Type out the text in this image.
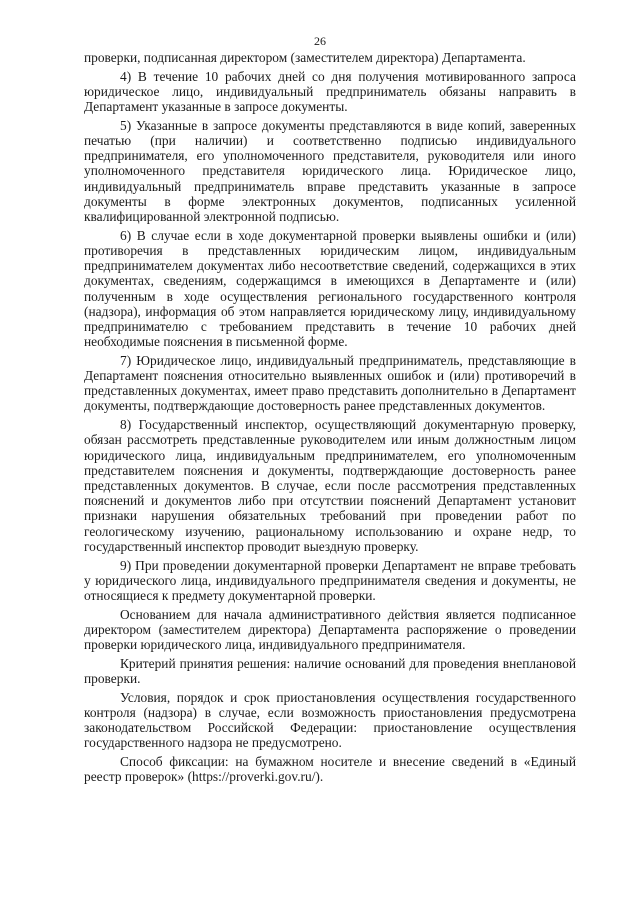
26

проверки, подписанная директором (заместителем директора) Департамента.

4) В течение 10 рабочих дней со дня получения мотивированного запроса юридическое лицо, индивидуальный предприниматель обязаны направить в Департамент указанные в запросе документы.

5) Указанные в запросе документы представляются в виде копий, заверенных печатью (при наличии) и соответственно подписью индивидуального предпринимателя, его уполномоченного представителя, руководителя или иного уполномоченного представителя юридического лица. Юридическое лицо, индивидуальный предприниматель вправе представить указанные в запросе документы в форме электронных документов, подписанных усиленной квалифицированной электронной подписью.

6) В случае если в ходе документарной проверки выявлены ошибки и (или) противоречия в представленных юридическим лицом, индивидуальным предпринимателем документах либо несоответствие сведений, содержащихся в этих документах, сведениям, содержащимся в имеющихся в Департаменте и (или) полученным в ходе осуществления регионального государственного контроля (надзора), информация об этом направляется юридическому лицу, индивидуальному предпринимателю с требованием представить в течение 10 рабочих дней необходимые пояснения в письменной форме.

7) Юридическое лицо, индивидуальный предприниматель, представляющие в Департамент пояснения относительно выявленных ошибок и (или) противоречий в представленных документах, имеет право представить дополнительно в Департамент документы, подтверждающие достоверность ранее представленных документов.

8) Государственный инспектор, осуществляющий документарную проверку, обязан рассмотреть представленные руководителем или иным должностным лицом юридического лица, индивидуальным предпринимателем, его уполномоченным представителем пояснения и документы, подтверждающие достоверность ранее представленных документов. В случае, если после рассмотрения представленных пояснений и документов либо при отсутствии пояснений Департамент установит признаки нарушения обязательных требований при проведении работ по геологическому изучению, рациональному использованию и охране недр, то государственный инспектор проводит выездную проверку.

9) При проведении документарной проверки Департамент не вправе требовать у юридического лица, индивидуального предпринимателя сведения и документы, не относящиеся к предмету документарной проверки.

Основанием для начала административного действия является подписанное директором (заместителем директора) Департамента распоряжение о проведении проверки юридического лица, индивидуального предпринимателя.

Критерий принятия решения: наличие оснований для проведения внеплановой проверки.

Условия, порядок и срок приостановления осуществления государственного контроля (надзора) в случае, если возможность приостановления предусмотрена законодательством Российской Федерации: приостановление осуществления государственного надзора не предусмотрено.

Способ фиксации: на бумажном носителе и внесение сведений в «Единый реестр проверок» (https://proverki.gov.ru/).
